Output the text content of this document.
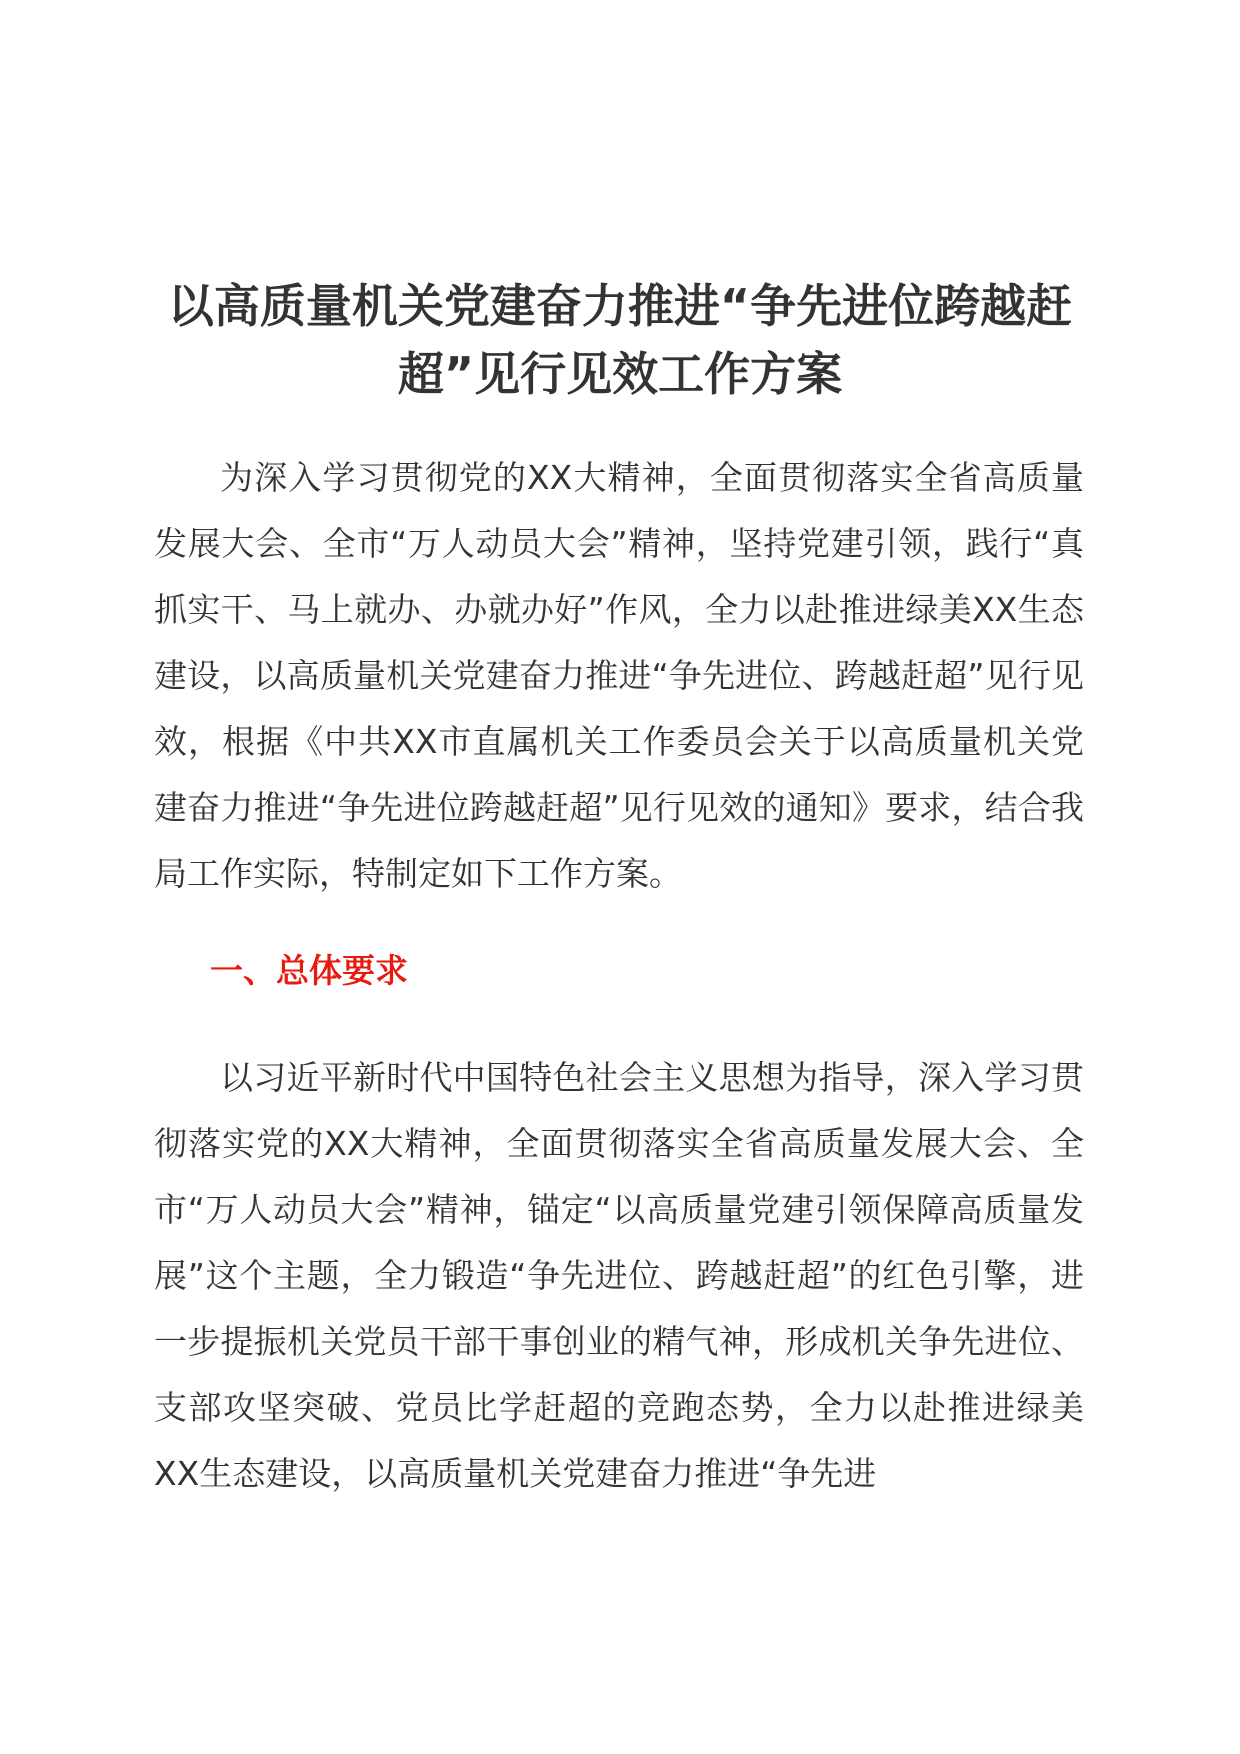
以高质量机关党建奋力推进“争先进位跨越赶超”见行见效工作方案

为深入学习贯彻党的XX大精神，全面贯彻落实全省高质量发展大会、全市“万人动员大会”精神，坚持党建引领，践行“真抓实干、马上就办、办就办好”作风，全力以赴推进绿美XX生态建设，以高质量机关党建奋力推进“争先进位、跨越赶超”见行见效，根据《中共XX市直属机关工作委员会关于以高质量机关党建奋力推进“争先进位跨越赶超”见行见效的通知》要求，结合我局工作实际，特制定如下工作方案。

一、总体要求

以习近平新时代中国特色社会主义思想为指导，深入学习贯彻落实党的XX大精神，全面贯彻落实全省高质量发展大会、全市“万人动员大会”精神，锚定“以高质量党建引领保障高质量发展”这个主题，全力锻造“争先进位、跨越赶超”的红色引擎，进一步提振机关党员干部干事创业的精气神，形成机关争先进位、支部攻坚突破、党员比学赶超的竞跑态势，全力以赴推进绿美XX生态建设，以高质量机关党建奋力推进“争先进
